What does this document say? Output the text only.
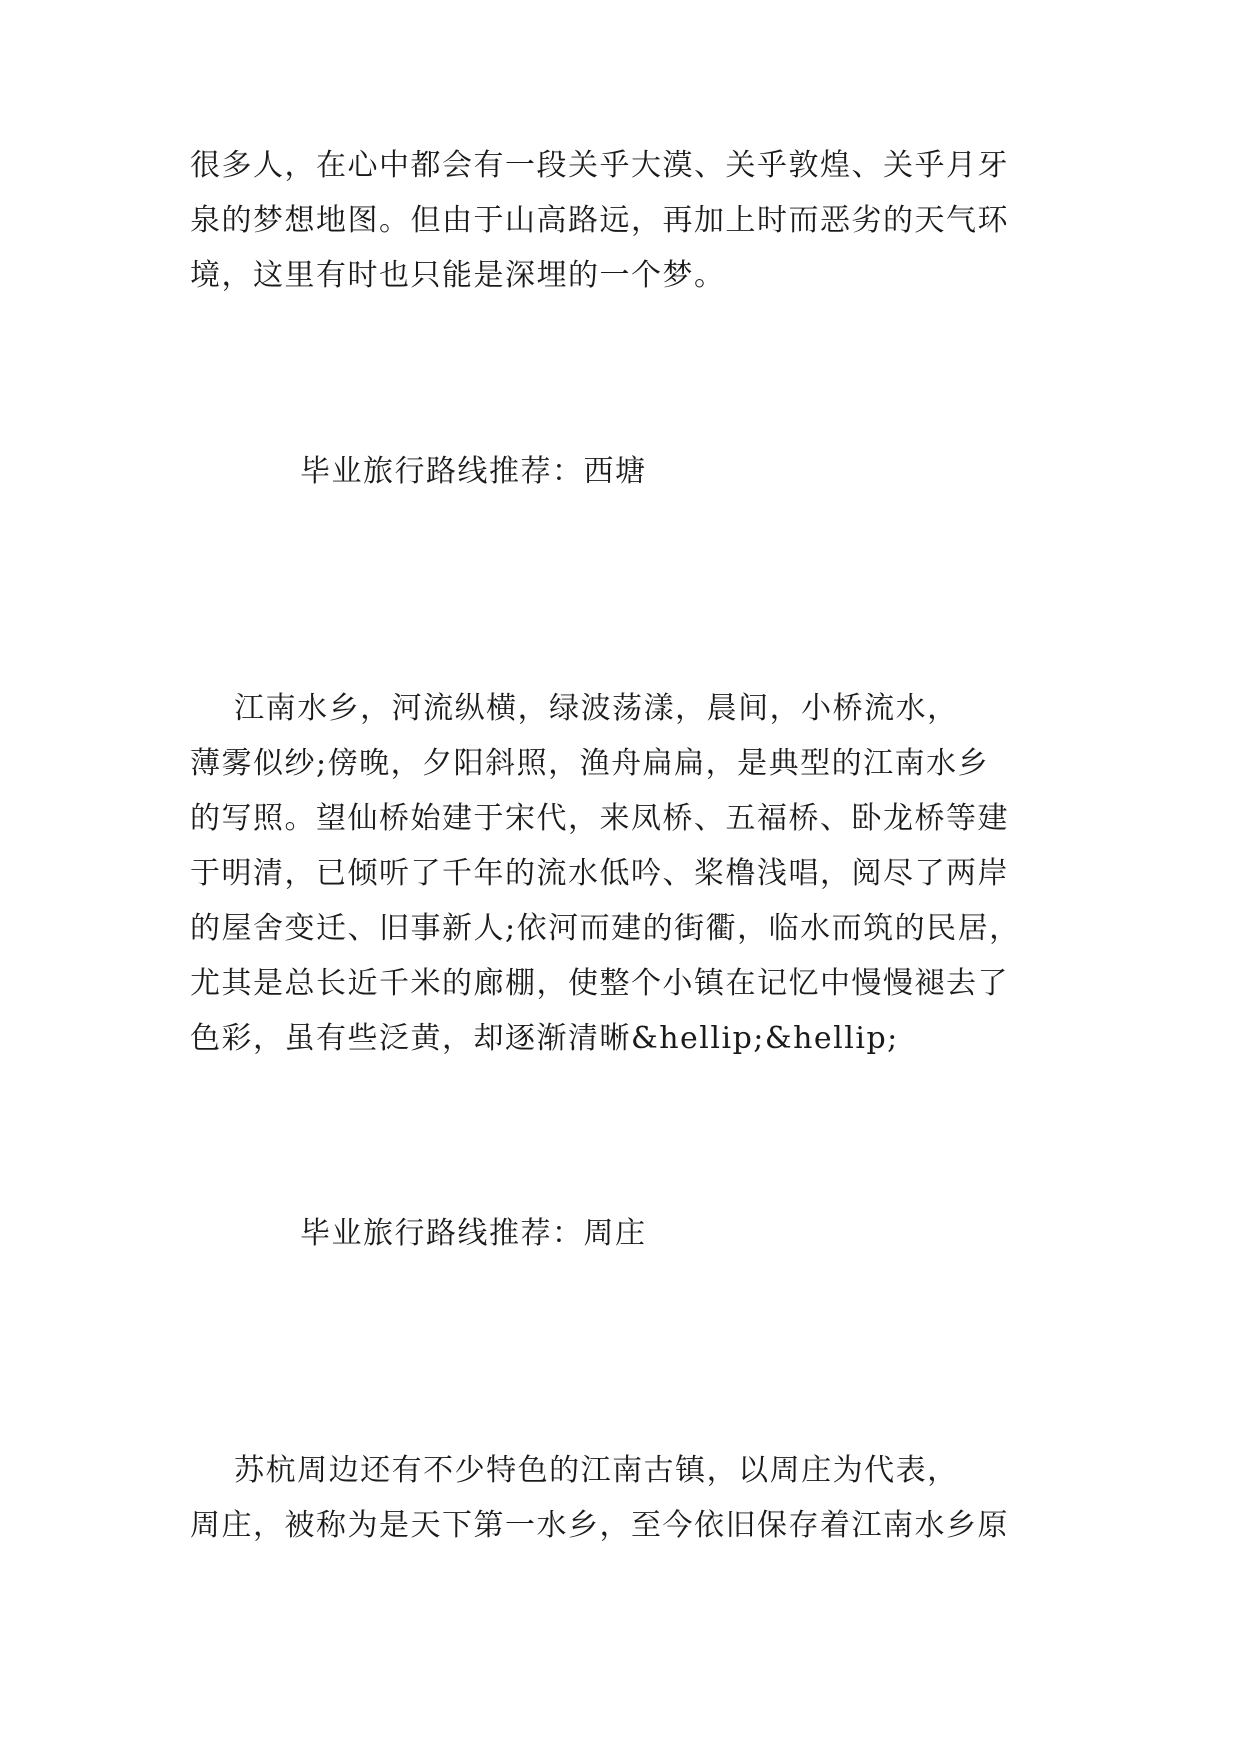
很多人，在心中都会有一段关乎大漠、关乎敦煌、关乎月牙

泉的梦想地图。但由于山高路远，再加上时而恶劣的天气环

境，这里有时也只能是深埋的一个梦。

毕业旅行路线推荐：西塘

江南水乡，河流纵横，绿波荡漾，晨间，小桥流水，

薄雾似纱;傍晚，夕阳斜照，渔舟扁扁，是典型的江南水乡

的写照。望仙桥始建于宋代，来凤桥、五福桥、卧龙桥等建

于明清，已倾听了千年的流水低吟、桨橹浅唱，阅尽了两岸

的屋舍变迁、旧事新人;依河而建的街衢，临水而筑的民居，

尤其是总长近千米的廊棚，使整个小镇在记忆中慢慢褪去了

色彩，虽有些泛黄，却逐渐清晰&hellip;&hellip;

毕业旅行路线推荐：周庄

苏杭周边还有不少特色的江南古镇，以周庄为代表，

周庄，被称为是天下第一水乡，至今依旧保存着江南水乡原
